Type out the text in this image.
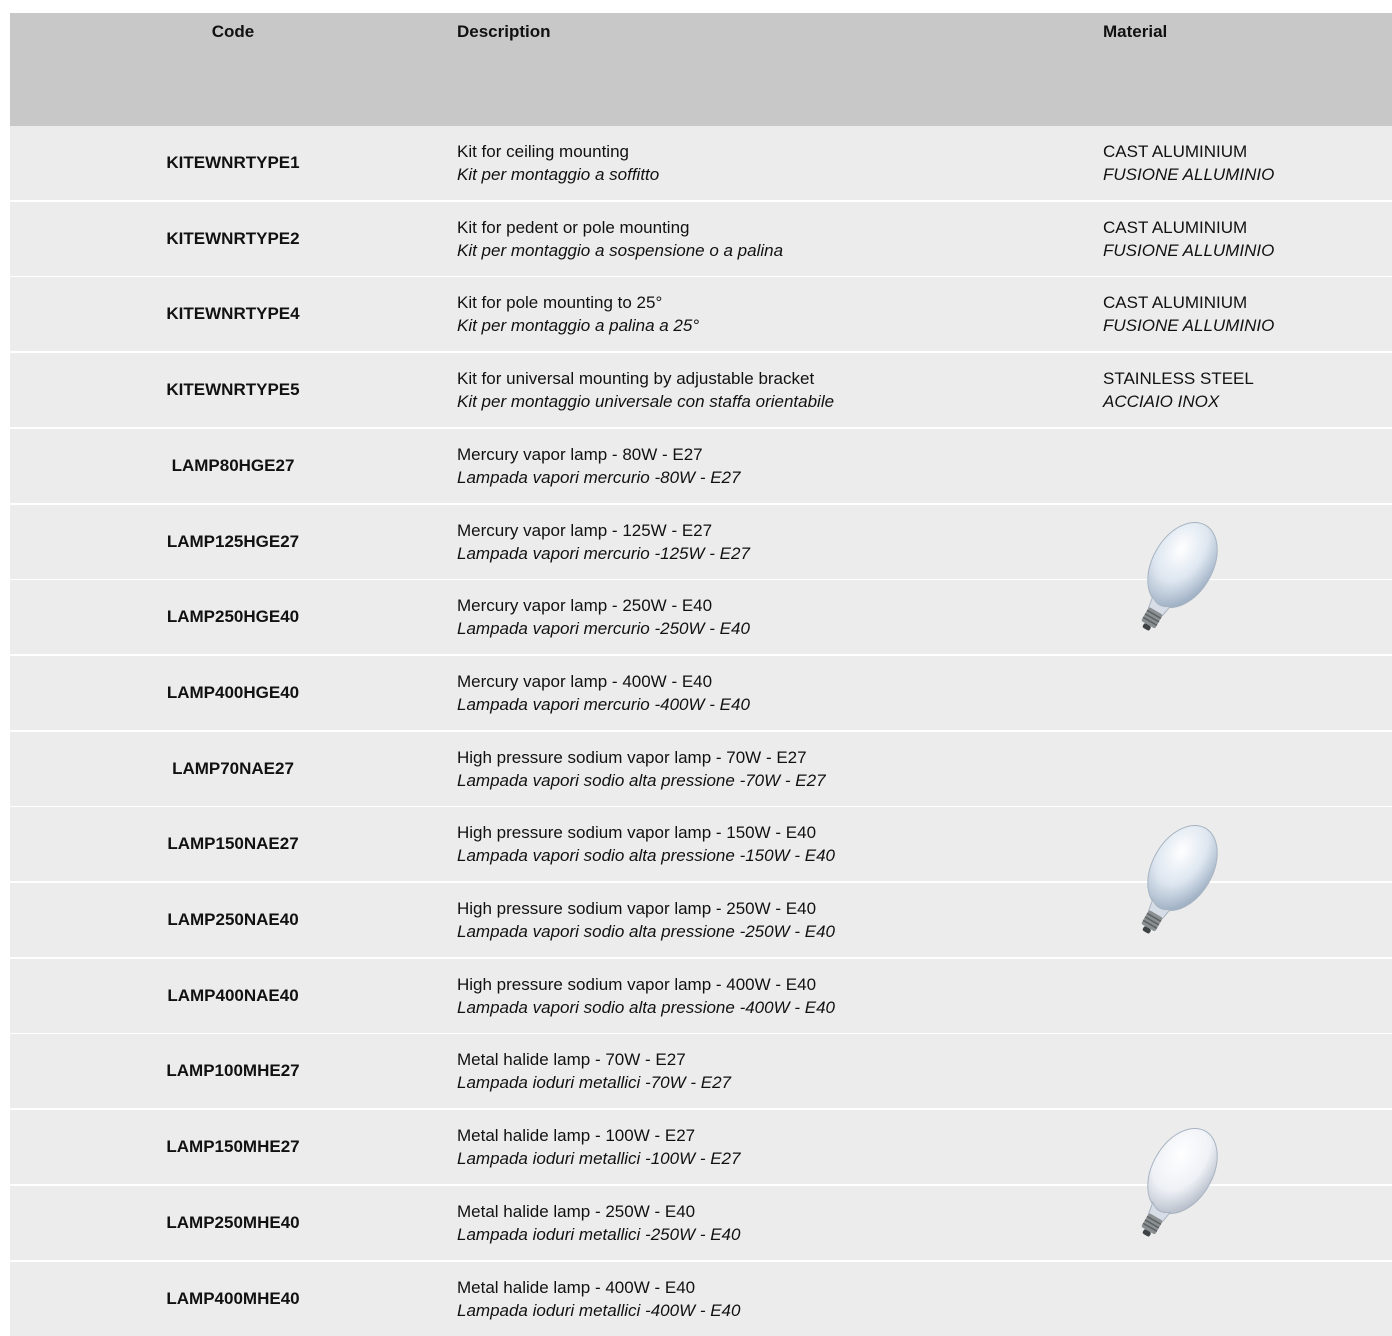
Code	Description	Material
KITEWNRTYPE1
Kit for ceiling mounting
Kit per montaggio a soffitto
CAST ALUMINIUM
FUSIONE ALLUMINIO
KITEWNRTYPE2
Kit for pedent or pole mounting
Kit per montaggio a sospensione o a palina
CAST ALUMINIUM
FUSIONE ALLUMINIO
KITEWNRTYPE4
Kit for pole mounting to 25°
Kit per montaggio a palina a 25°
CAST ALUMINIUM
FUSIONE ALLUMINIO
KITEWNRTYPE5
Kit for universal mounting by adjustable bracket
Kit per montaggio universale con staffa orientabile
STAINLESS STEEL
ACCIAIO INOX
LAMP80HGE27
Mercury vapor lamp - 80W - E27
Lampada vapori mercurio -80W - E27
LAMP125HGE27
Mercury vapor lamp - 125W - E27
Lampada vapori mercurio -125W - E27
LAMP250HGE40
Mercury vapor lamp - 250W - E40
Lampada vapori mercurio -250W - E40
LAMP400HGE40
Mercury vapor lamp - 400W - E40
Lampada vapori mercurio -400W - E40
LAMP70NAE27
High pressure sodium vapor lamp - 70W - E27
Lampada vapori sodio alta pressione -70W - E27
LAMP150NAE27
High pressure sodium vapor lamp - 150W - E40
Lampada vapori sodio alta pressione -150W - E40
LAMP250NAE40
High pressure sodium vapor lamp - 250W - E40
Lampada vapori sodio alta pressione -250W - E40
LAMP400NAE40
High pressure sodium vapor lamp - 400W - E40
Lampada vapori sodio alta pressione -400W - E40
LAMP100MHE27
Metal halide lamp - 70W - E27
Lampada ioduri metallici -70W - E27
LAMP150MHE27
Metal halide lamp - 100W - E27
Lampada ioduri metallici -100W - E27
LAMP250MHE40
Metal halide lamp - 250W - E40
Lampada ioduri metallici -250W - E40
LAMP400MHE40
Metal halide lamp - 400W - E40
Lampada ioduri metallici -400W - E40
